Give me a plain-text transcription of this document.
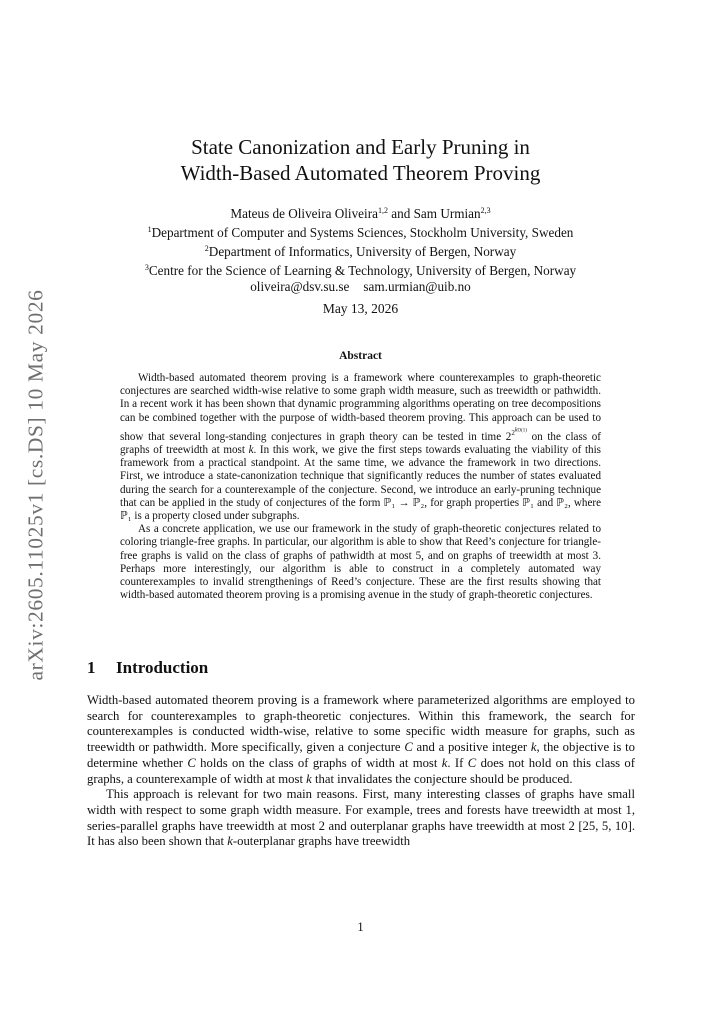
arXiv:2605.11025v1 [cs.DS] 10 May 2026
State Canonization and Early Pruning in
Width-Based Automated Theorem Proving
Mateus de Oliveira Oliveira$^{1,2}$ and Sam Urmian$^{2,3}$
$^1$Department of Computer and Systems Sciences, Stockholm University, Sweden
$^2$Department of Informatics, University of Bergen, Norway
$^3$Centre for the Science of Learning & Technology, University of Bergen, Norway
oliveira@dsv.su.se sam.urmian@uib.no
May 13, 2026
Abstract

Width-based automated theorem proving is a framework where counterexamples to graph-theoretic conjectures are searched width-wise relative to some graph width measure, such as treewidth or pathwidth. In a recent work it has been shown that dynamic programming algorithms operating on tree decompositions can be combined together with the purpose of width-based theorem proving. This approach can be used to show that several long-standing conjectures in graph theory can be tested in time $2^{2^{kO(1)}}$ on the class of graphs of treewidth at most k. In this work, we give the first steps towards evaluating the viability of this framework from a practical standpoint. At the same time, we advance the framework in two directions. First, we introduce a state-canonization technique that significantly reduces the number of states evaluated during the search for a counterexample of the conjecture. Second, we introduce an early-pruning technique that can be applied in the study of conjectures of the form ℙ₁ → ℙ₂, for graph properties ℙ₁ and ℙ₂, where ℙ₁ is a property closed under subgraphs.

As a concrete application, we use our framework in the study of graph-theoretic conjectures related to coloring triangle-free graphs. In particular, our algorithm is able to show that Reed’s conjecture for triangle-free graphs is valid on the class of graphs of pathwidth at most 5, and on graphs of treewidth at most 3. Perhaps more interestingly, our algorithm is able to construct in a completely automated way counterexamples to invalid strengthenings of Reed’s conjecture. These are the first results showing that width-based automated theorem proving is a promising avenue in the study of graph-theoretic conjectures.

1 Introduction

Width-based automated theorem proving is a framework where parameterized algorithms are employed to search for counterexamples to graph-theoretic conjectures. Within this framework, the search for counterexamples is conducted width-wise, relative to some specific width measure for graphs, such as treewidth or pathwidth. More specifically, given a conjecture C and a positive integer k, the objective is to determine whether C holds on the class of graphs of width at most k. If C does not hold on this class of graphs, a counterexample of width at most k that invalidates the conjecture should be produced.

This approach is relevant for two main reasons. First, many interesting classes of graphs have small width with respect to some graph width measure. For example, trees and forests have treewidth at most 1, series-parallel graphs have treewidth at most 2 and outerplanar graphs have treewidth at most 2 [25, 5, 10]. It has also been shown that k-outerplanar graphs have treewidth

1
